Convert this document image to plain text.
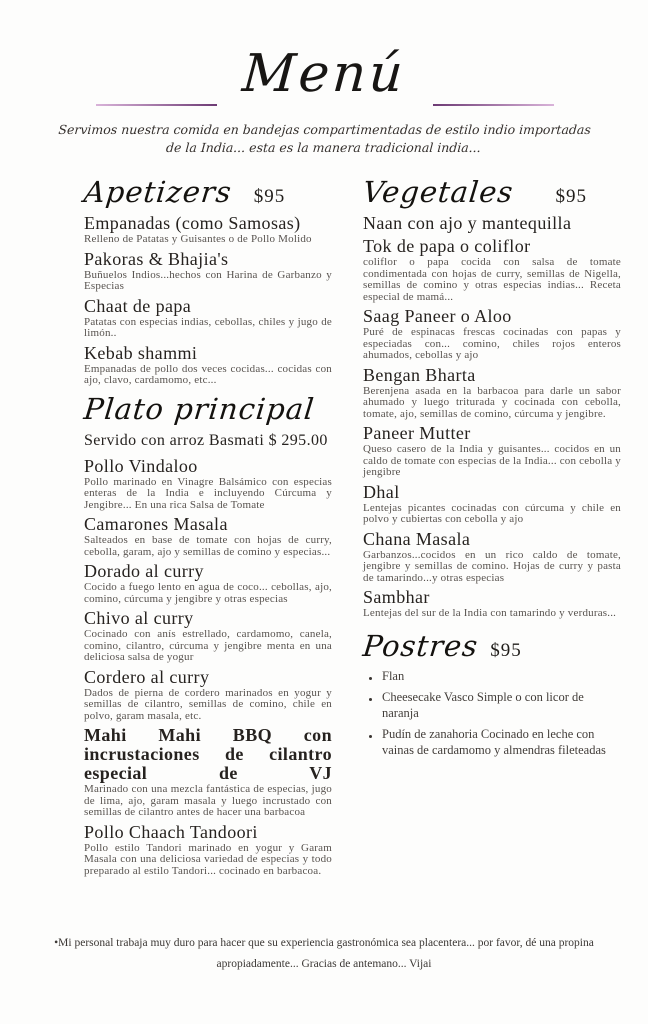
Menú

Servimos nuestra comida en bandejas compartimentadas de estilo indio importadas de la India... esta es la manera tradicional india...

Apetizers $95
Empanadas (como Samosas)

Relleno de Patatas y Guisantes o de Pollo Molido

Pakoras & Bhajia's

Buñuelos Indios...hechos con Harina de Garbanzo y Especias

Chaat de papa

Patatas con especias indias, cebollas, chiles y jugo de limón..

Kebab shammi

Empanadas de pollo dos veces cocidas... cocidas con ajo, clavo, cardamomo, etc...

Plato principal

Servido con arroz Basmati $ 295.00

Pollo Vindaloo

Pollo marinado en Vinagre Balsámico con especias enteras de la India e incluyendo Cúrcuma y Jengibre... En una rica Salsa de Tomate

Camarones Masala

Salteados en base de tomate con hojas de curry, cebolla, garam, ajo y semillas de comino y especias...

Dorado al curry

Cocido a fuego lento en agua de coco... cebollas, ajo, comino, cúrcuma y jengibre y otras especias

Chivo al curry

Cocinado con anís estrellado, cardamomo, canela, comino, cilantro, cúrcuma y jengibre menta en una deliciosa salsa de yogur

Cordero al curry

Dados de pierna de cordero marinados en yogur y semillas de cilantro, semillas de comino, chile en polvo, garam masala, etc.

Mahi Mahi BBQ con incrustaciones de cilantro especial de VJ

Marinado con una mezcla fantástica de especias, jugo de lima, ajo, garam masala y luego incrustado con semillas de cilantro antes de hacer una barbacoa

Pollo Chaach Tandoori

Pollo estilo Tandori marinado en yogur y Garam Masala con una deliciosa variedad de especias y todo preparado al estilo Tandori... cocinado en barbacoa.

Vegetales $95
Naan con ajo y mantequilla
Tok de papa o coliflor

coliflor o papa cocida con salsa de tomate condimentada con hojas de curry, semillas de Nigella, semillas de comino y otras especias indias... Receta especial de mamá...

Saag Paneer o Aloo

Puré de espinacas frescas cocinadas con papas y especiadas con... comino, chiles rojos enteros ahumados, cebollas y ajo

Bengan Bharta

Berenjena asada en la barbacoa para darle un sabor ahumado y luego triturada y cocinada con cebolla, tomate, ajo, semillas de comino, cúrcuma y jengibre.

Paneer Mutter

Queso casero de la India y guisantes... cocidos en un caldo de tomate con especias de la India... con cebolla y jengibre

Dhal

Lentejas picantes cocinadas con cúrcuma y chile en polvo y cubiertas con cebolla y ajo

Chana Masala

Garbanzos...cocidos en un rico caldo de tomate, jengibre y semillas de comino. Hojas de curry y pasta de tamarindo...y otras especias

Sambhar

Lentejas del sur de la India con tamarindo y verduras...

Postres $95
Flan
Cheesecake Vasco Simple o con licor de naranja
Pudín de zanahoria Cocinado en leche con vainas de cardamomo y almendras fileteadas

•Mi personal trabaja muy duro para hacer que su experiencia gastronómica sea placentera... por favor, dé una propina apropiadamente... Gracias de antemano... Vijai
